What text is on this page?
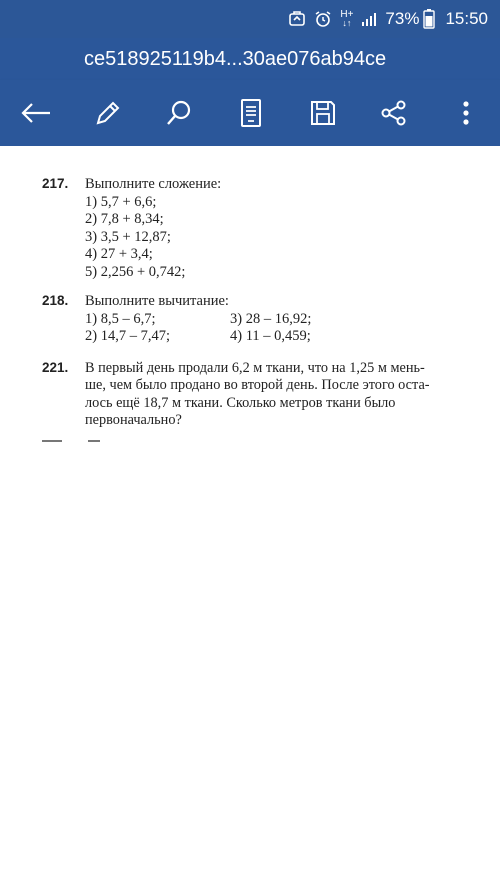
H+
↓↑ 73% 15:50
ce518925119b4...30ae076ab94ce
217. Выполните сложение:
1) 5,7 + 6,6;
2) 7,8 + 8,34;
3) 3,5 + 12,87;
4) 27 + 3,4;
5) 2,256 + 0,742;
218. Выполните вычитание:
1) 8,5 – 6,7;	3) 28 – 16,92;
2) 14,7 – 7,47;	4) 11 – 0,459;
221. В первый день продали 6,2 м ткани, что на 1,25 м мень-
ше, чем было продано во второй день. После этого оста-
лось ещё 18,7 м ткани. Сколько метров ткани было
первоначально?
